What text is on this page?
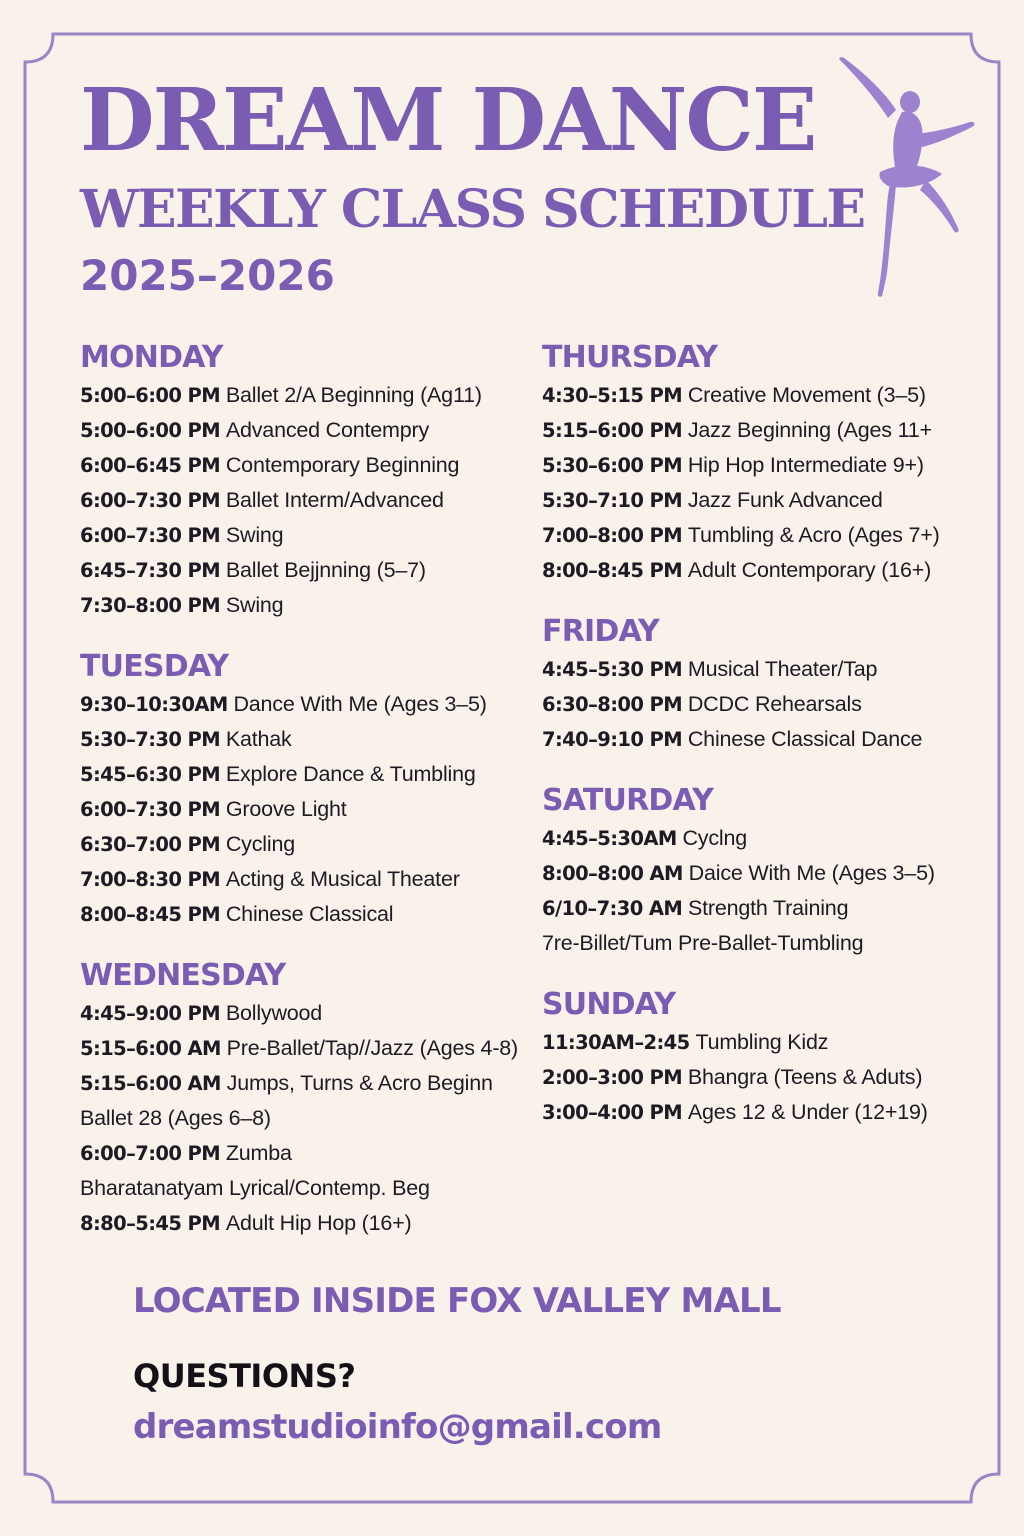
DREAM DANCE
WEEKLY CLASS SCHEDULE
2025–2026
MONDAY
5:00–6:00 PM Ballet 2/A Beginning (Ag11)
5:00–6:00 PM Advanced Contempry
6:00–6:45 PM Contemporary Beginning
6:00–7:30 PM Ballet Interm/Advanced
6:00–7:30 PM Swing
6:45–7:30 PM Ballet Bejjnning (5–7)
7:30–8:00 PM Swing
TUESDAY
9:30–10:30AM Dance With Me (Ages 3–5)
5:30–7:30 PM Kathak
5:45–6:30 PM Explore Dance & Tumbling
6:00–7:30 PM Groove Light
6:30–7:00 PM Cycling
7:00–8:30 PM Acting & Musical Theater
8:00–8:45 PM Chinese Classical
WEDNESDAY
4:45–9:00 PM Bollywood
5:15–6:00 AM Pre-Ballet/Tap//Jazz (Ages 4-8)
5:15–6:00 AM Jumps, Turns & Acro Beginn
Ballet 28 (Ages 6–8)
6:00–7:00 PM Zumba
Bharatanatyam Lyrical/Contemp. Beg
8:80–5:45 PM Adult Hip Hop (16+)
THURSDAY
4:30–5:15 PM Creative Movement (3–5)
5:15–6:00 PM Jazz Beginning (Ages 11+
5:30–6:00 PM Hip Hop Intermediate 9+)
5:30–7:10 PM Jazz Funk Advanced
7:00–8:00 PM Tumbling & Acro (Ages 7+)
8:00–8:45 PM Adult Contemporary (16+)
FRIDAY
4:45–5:30 PM Musical Theater/Tap
6:30–8:00 PM DCDC Rehearsals
7:40–9:10 PM Chinese Classical Dance
SATURDAY
4:45–5:30AM Cyclng
8:00–8:00 AM Daice With Me (Ages 3–5)
6/10–7:30 AM Strength Training
7re-Billet/Tum Pre-Ballet-Tumbling
SUNDAY
11:30AM–2:45 Tumbling Kidz
2:00–3:00 PM Bhangra (Teens & Aduts)
3:00–4:00 PM Ages 12 & Under (12+19)
LOCATED INSIDE FOX VALLEY MALL
QUESTIONS?
dreamstudioinfo@gmail.com
